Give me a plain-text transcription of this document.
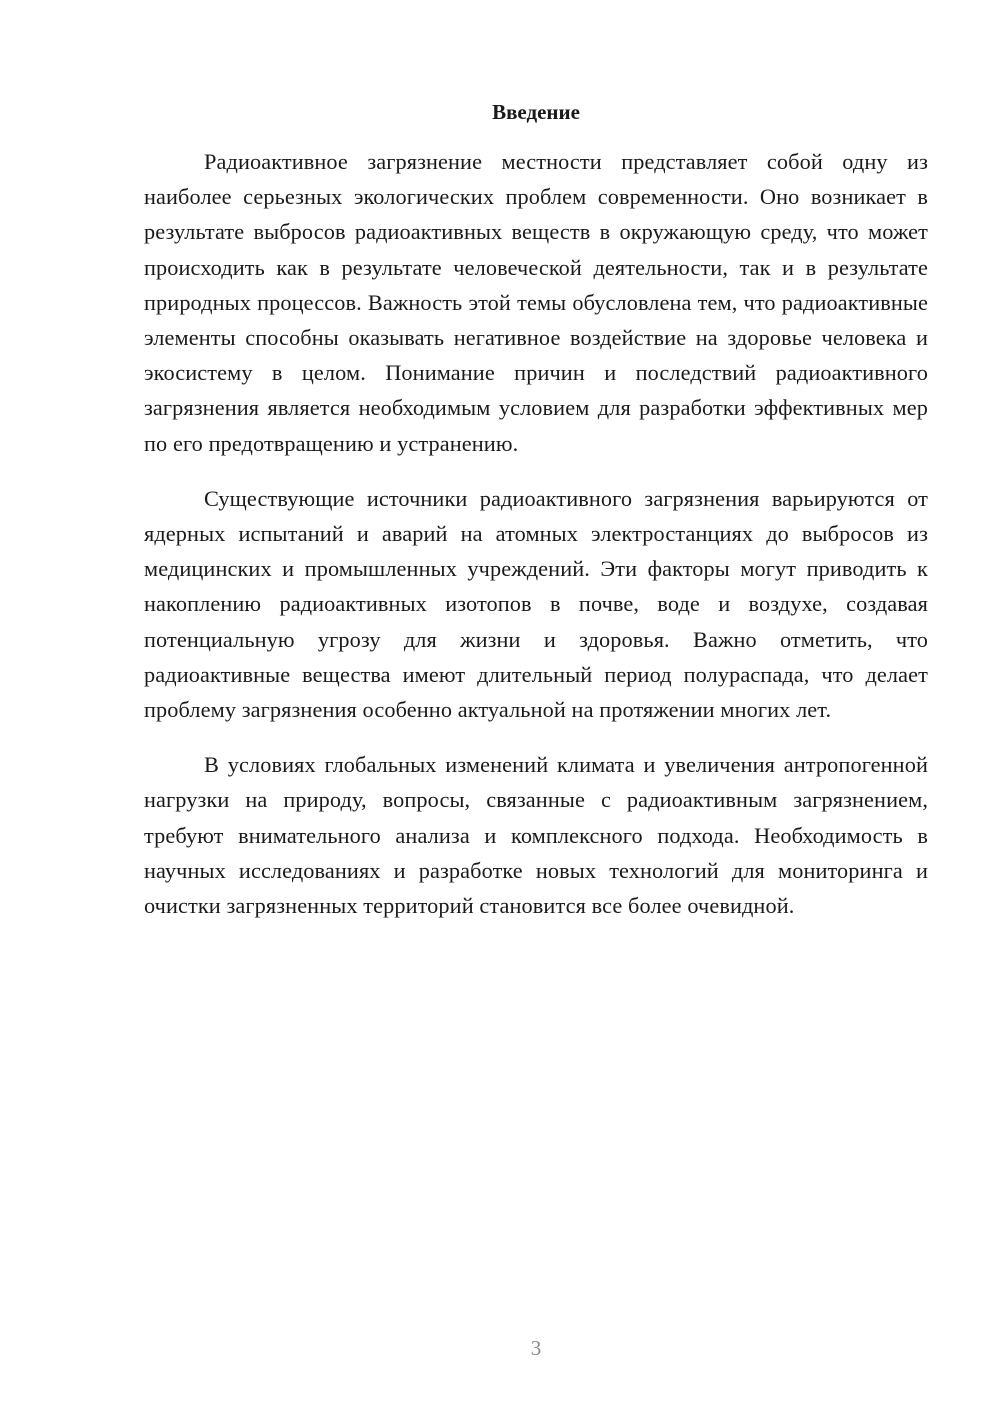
Введение

Радиоактивное загрязнение местности представляет собой одну из наиболее серьезных экологических проблем современности. Оно возникает в результате выбросов радиоактивных веществ в окружающую среду, что может происходить как в результате человеческой деятельности, так и в результате природных процессов. Важность этой темы обусловлена тем, что радиоактивные элементы способны оказывать негативное воздействие на здоровье человека и экосистему в целом. Понимание причин и последствий радиоактивного загрязнения является необходимым условием для разработки эффективных мер по его предотвращению и устранению.

Существующие источники радиоактивного загрязнения варьируются от ядерных испытаний и аварий на атомных электростанциях до выбросов из медицинских и промышленных учреждений. Эти факторы могут приводить к накоплению радиоактивных изотопов в почве, воде и воздухе, создавая потенциальную угрозу для жизни и здоровья. Важно отметить, что радиоактивные вещества имеют длительный период полураспада, что делает проблему загрязнения особенно актуальной на протяжении многих лет.

В условиях глобальных изменений климата и увеличения антропогенной нагрузки на природу, вопросы, связанные с радиоактивным загрязнением, требуют внимательного анализа и комплексного подхода. Необходимость в научных исследованиях и разработке новых технологий для мониторинга и очистки загрязненных территорий становится все более очевидной.

3
